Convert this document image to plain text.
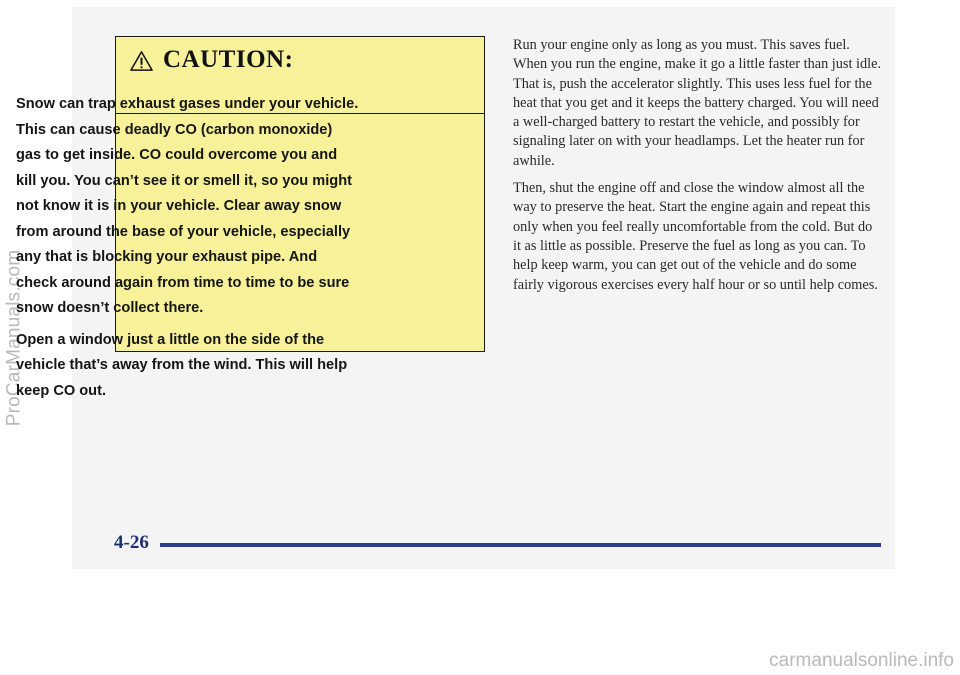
ProCarManuals.com
CAUTION:

Snow can trap exhaust gases under your vehicle. This can cause deadly CO (carbon monoxide) gas to get inside. CO could overcome you and kill you. You can’t see it or smell it, so you might not know it is in your vehicle. Clear away snow from around the base of your vehicle, especially any that is blocking your exhaust pipe. And check around again from time to time to be sure snow doesn’t collect there.

Open a window just a little on the side of the vehicle that’s away from the wind. This will help keep CO out.

Run your engine only as long as you must. This saves fuel. When you run the engine, make it go a little faster than just idle. That is, push the accelerator slightly. This uses less fuel for the heat that you get and it keeps the battery charged. You will need a well-charged battery to restart the vehicle, and possibly for signaling later on with your headlamps. Let the heater run for awhile.

Then, shut the engine off and close the window almost all the way to preserve the heat. Start the engine again and repeat this only when you feel really uncomfortable from the cold. But do it as little as possible. Preserve the fuel as long as you can. To help keep warm, you can get out of the vehicle and do some fairly vigorous exercises every half hour or so until help comes.

4-26
carmanualsonline.info
